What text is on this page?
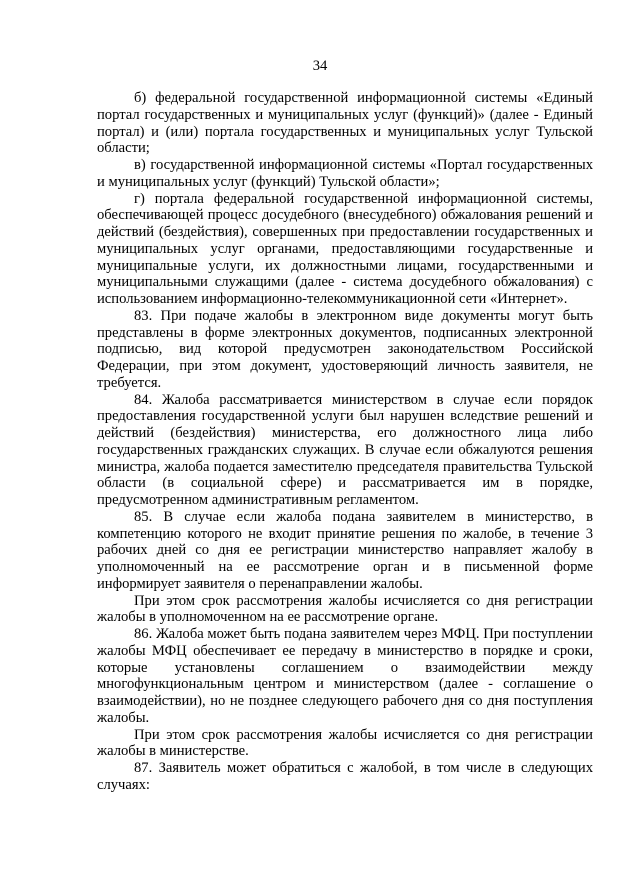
34

б) федеральной государственной информационной системы «Единый портал государственных и муниципальных услуг (функций)» (далее - Единый портал) и (или) портала государственных и муниципальных услуг Тульской области;

в) государственной информационной системы «Портал государственных и муниципальных услуг (функций) Тульской области»;

г) портала федеральной государственной информационной системы, обеспечивающей процесс досудебного (внесудебного) обжалования решений и действий (бездействия), совершенных при предоставлении государственных и муниципальных услуг органами, предоставляющими государственные и муниципальные услуги, их должностными лицами, государственными и муниципальными служащими (далее - система досудебного обжалования) с использованием информационно-телекоммуникационной сети «Интернет».

83. При подаче жалобы в электронном виде документы могут быть представлены в форме электронных документов, подписанных электронной подписью, вид которой предусмотрен законодательством Российской Федерации, при этом документ, удостоверяющий личность заявителя, не требуется.

84. Жалоба рассматривается министерством в случае если порядок предоставления государственной услуги был нарушен вследствие решений и действий (бездействия) министерства, его должностного лица либо государственных гражданских служащих. В случае если обжалуются решения министра, жалоба подается заместителю председателя правительства Тульской области (в социальной сфере) и рассматривается им в порядке, предусмотренном административным регламентом.

85. В случае если жалоба подана заявителем в министерство, в компетенцию которого не входит принятие решения по жалобе, в течение 3 рабочих дней со дня ее регистрации министерство направляет жалобу в уполномоченный на ее рассмотрение орган и в письменной форме информирует заявителя о перенаправлении жалобы.

При этом срок рассмотрения жалобы исчисляется со дня регистрации жалобы в уполномоченном на ее рассмотрение органе.

86. Жалоба может быть подана заявителем через МФЦ. При поступлении жалобы МФЦ обеспечивает ее передачу в министерство в порядке и сроки, которые установлены соглашением о взаимодействии между многофункциональным центром и министерством (далее - соглашение о взаимодействии), но не позднее следующего рабочего дня со дня поступления жалобы.

При этом срок рассмотрения жалобы исчисляется со дня регистрации жалобы в министерстве.

87. Заявитель может обратиться с жалобой, в том числе в следующих случаях:
